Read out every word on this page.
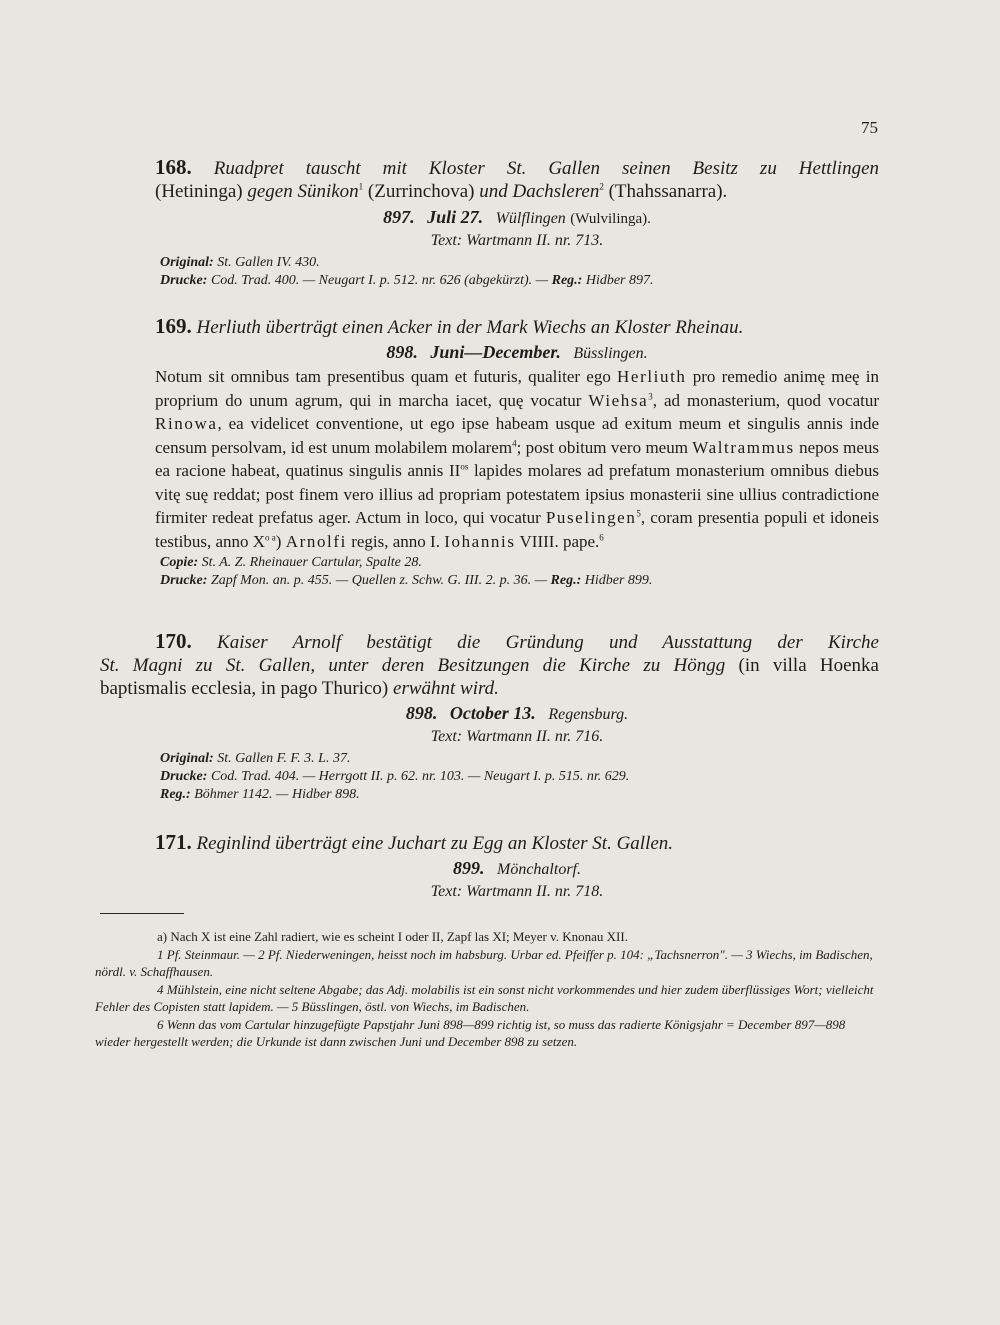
75
168. Ruadpret tauscht mit Kloster St. Gallen seinen Besitz zu Hettlingen
(Hetininga) gegen Sünikon$^1$ (Zurrinchova) und Dachsleren$^2$ (Thahssanarra).
897. Juli 27. Wülflingen (Wulvilinga).
Text: Wartmann II. nr. 713.
Original: St. Gallen IV. 430.
Drucke: Cod. Trad. 400. — Neugart I. p. 512. nr. 626 (abgekürzt). — Reg.: Hidber 897.
169. Herliuth überträgt einen Acker in der Mark Wiechs an Kloster Rheinau.
898. Juni—December. Büsslingen.

Notum sit omnibus tam presentibus quam et futuris, qualiter ego Herliuth pro remedio animę meę in proprium do unum agrum, qui in marcha iacet, quę vocatur Wiehsa$^3$, ad monasterium, quod vocatur Rinowa, ea videlicet conventione, ut ego ipse habeam usque ad exitum meum et singulis annis inde censum persolvam, id est unum molabilem molarem$^4$; post obitum vero meum Waltrammus nepos meus ea racione habeat, quatinus singulis annis $II^{os}$ lapides molares ad prefatum monasterium omnibus diebus vitę suę reddat; post finem vero illius ad propriam potestatem ipsius monasterii sine ullius contradictione firmiter redeat prefatus ager. Actum in loco, qui vocatur Puselingen$^5$, coram presentia populi et idoneis testibus, anno $X^{o a}$) Arnolfi regis, anno I. Iohannis VIIII. pape.$^6$

Copie: St. A. Z. Rheinauer Cartular, Spalte 28.
Drucke: Zapf Mon. an. p. 455. — Quellen z. Schw. G. III. 2. p. 36. — Reg.: Hidber 899.
170. Kaiser Arnolf bestätigt die Gründung und Ausstattung der Kirche
St. Magni zu St. Gallen, unter deren Besitzungen die Kirche zu Höngg (in villa Hoenka
baptismalis ecclesia, in pago Thurico) erwähnt wird.
898. October 13. Regensburg.
Text: Wartmann II. nr. 716.
Original: St. Gallen F. F. 3. L. 37.
Drucke: Cod. Trad. 404. — Herrgott II. p. 62. nr. 103. — Neugart I. p. 515. nr. 629.
Reg.: Böhmer 1142. — Hidber 898.
171. Reginlind überträgt eine Juchart zu Egg an Kloster St. Gallen.
899. Mönchaltorf.
Text: Wartmann II. nr. 718.

a) Nach X ist eine Zahl radiert, wie es scheint I oder II, Zapf las XI; Meyer v. Knonau XII.

1 Pf. Steinmaur. — 2 Pf. Niederweningen, heisst noch im habsburg. Urbar ed. Pfeiffer p. 104: „Tachsnerron". — 3 Wiechs, im Badischen, nördl. v. Schaffhausen.

4 Mühlstein, eine nicht seltene Abgabe; das Adj. molabilis ist ein sonst nicht vorkommendes und hier zudem überflüssiges Wort; vielleicht Fehler des Copisten statt lapidem. — 5 Büsslingen, östl. von Wiechs, im Badischen.

6 Wenn das vom Cartular hinzugefügte Papstjahr Juni 898—899 richtig ist, so muss das radierte Königsjahr = December 897—898 wieder hergestellt werden; die Urkunde ist dann zwischen Juni und December 898 zu setzen.
